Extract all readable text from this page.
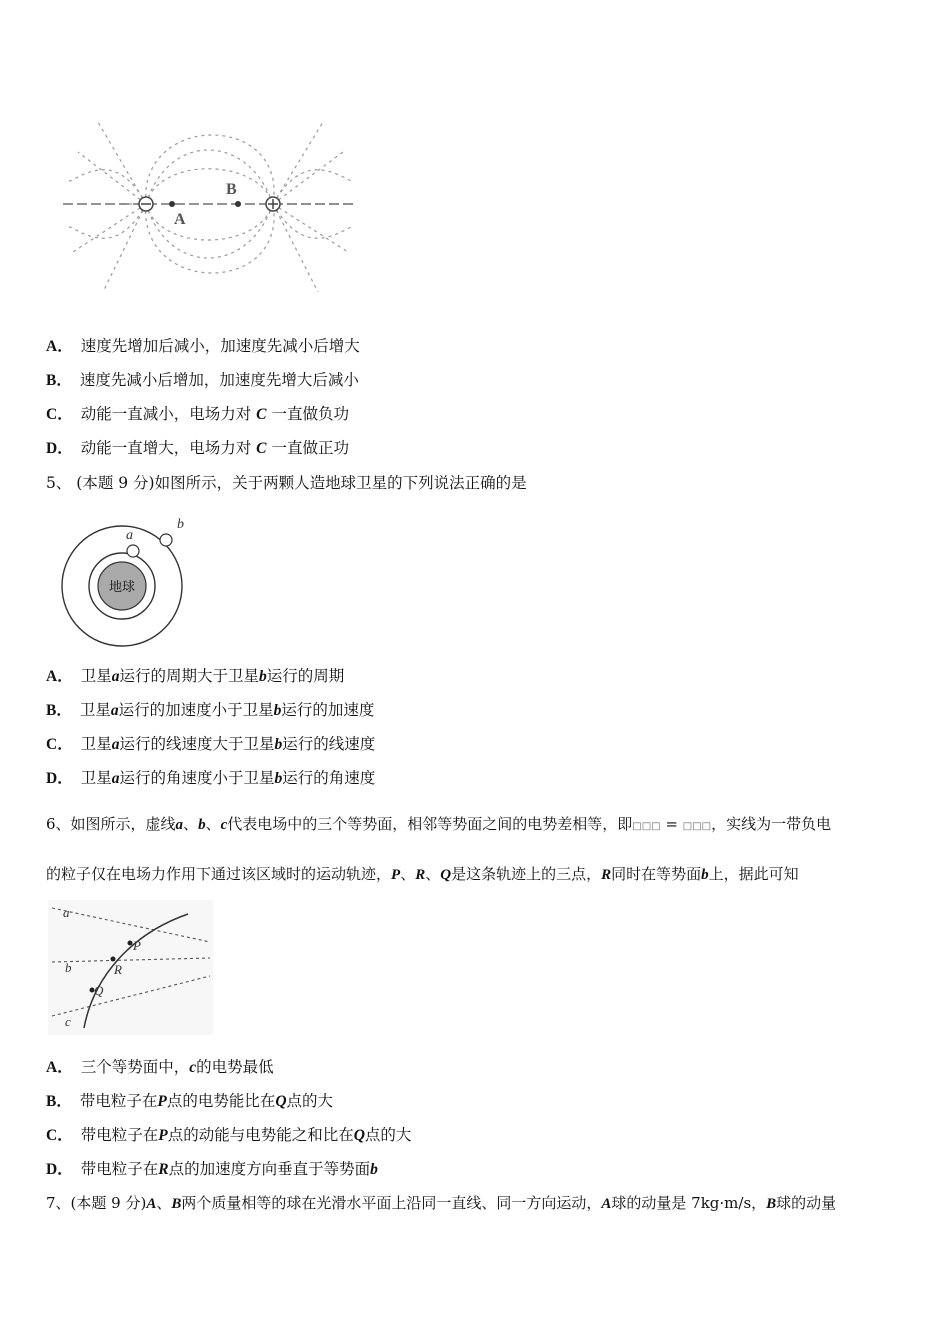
A
B
A． 速度先增加后减小，加速度先减小后增大
B． 速度先减小后增加，加速度先增大后减小
C． 动能一直减小，电场力对 C 一直做负功
D． 动能一直增大，电场力对 C 一直做正功
5、 (本题 9 分)如图所示，关于两颗人造地球卫星的下列说法正确的是
地球
a
b
A． 卫星a运行的周期大于卫星b运行的周期
B． 卫星a运行的加速度小于卫星b运行的加速度
C． 卫星a运行的线速度大于卫星b运行的线速度
D． 卫星a运行的角速度小于卫星b运行的角速度
6、如图所示，虚线a、b、c代表电场中的三个等势面，相邻等势面之间的电势差相等，即□□□ = □□□，实线为一带负电
的粒子仅在电场力作用下通过该区域时的运动轨迹，P、R、Q是这条轨迹上的三点，R同时在等势面b上，据此可知
a
b
c
P
R
Q
A． 三个等势面中，c的电势最低
B． 带电粒子在P点的电势能比在Q点的大
C． 带电粒子在P点的动能与电势能之和比在Q点的大
D． 带电粒子在R点的加速度方向垂直于等势面b
7、(本题 9 分)A、B两个质量相等的球在光滑水平面上沿同一直线、同一方向运动，A球的动量是 7kg·m/s，B球的动量
